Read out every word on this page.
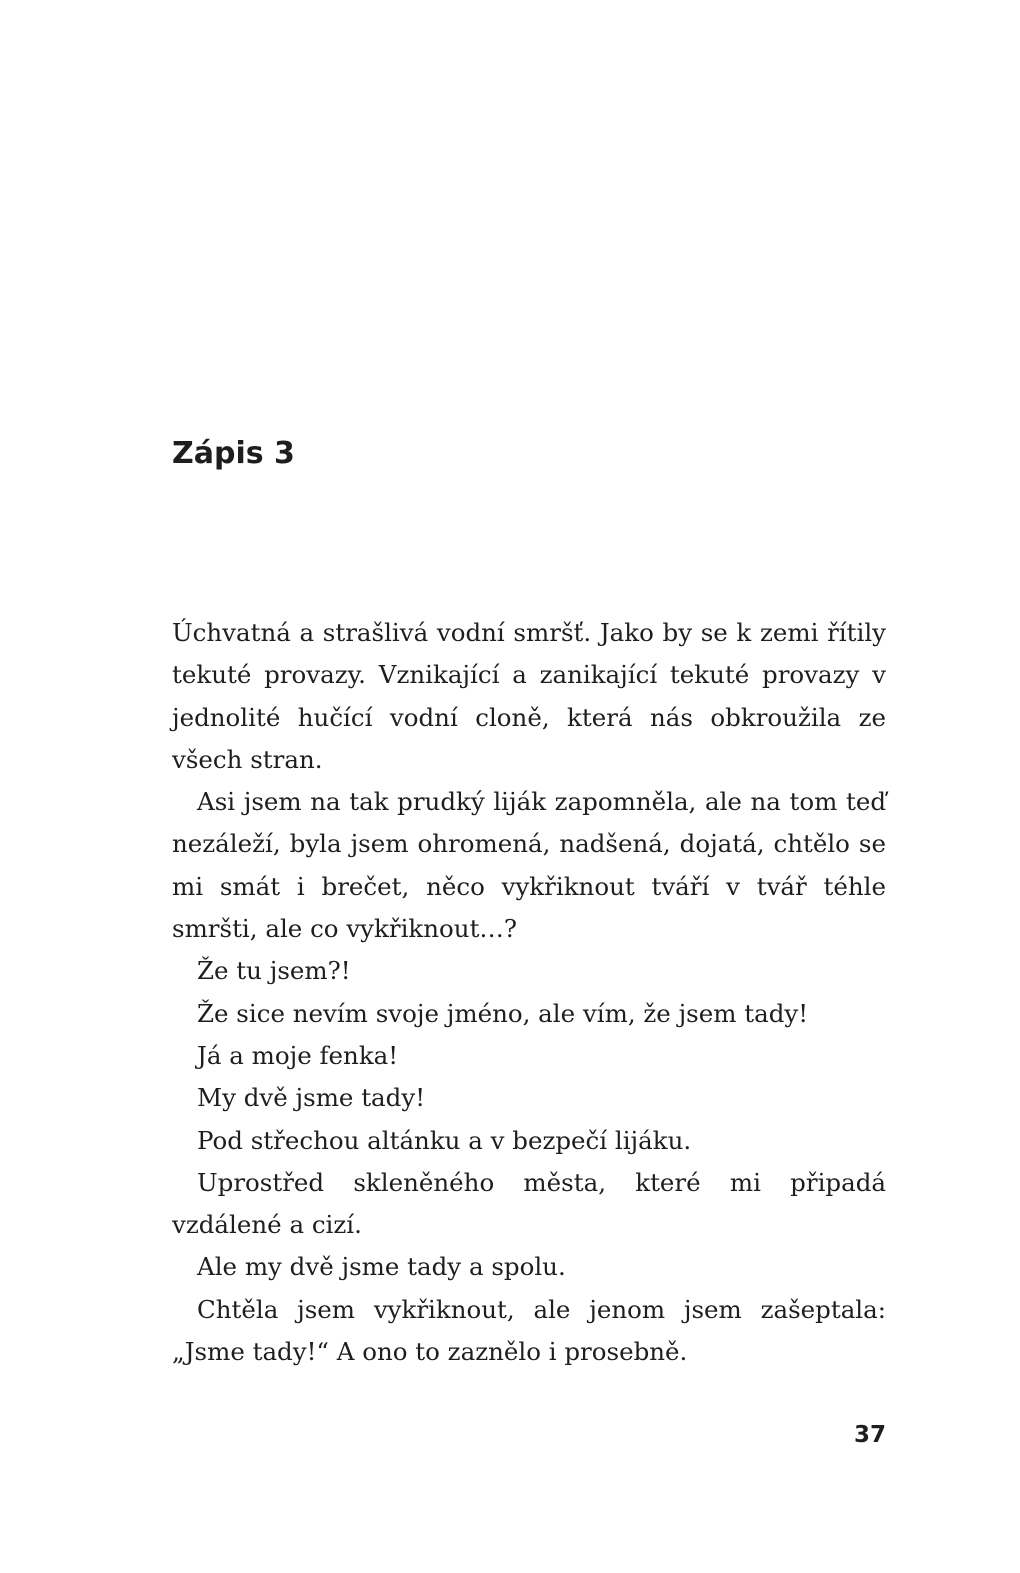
Zápis 3

Úchvatná a strašlivá vodní smršť. Jako by se k zemi řítily tekuté provazy. Vznikající a zanikající tekuté provazy v jednolité hučící vodní cloně, která nás obkroužila ze všech stran.

Asi jsem na tak prudký liják zapomněla, ale na tom teď nezáleží, byla jsem ohromená, nadšená, dojatá, chtělo se mi smát i brečet, něco vykřiknout tváří v tvář téhle smršti, ale co vykřiknout…?

Že tu jsem?!

Že sice nevím svoje jméno, ale vím, že jsem tady!

Já a moje fenka!

My dvě jsme tady!

Pod střechou altánku a v bezpečí lijáku.

Uprostřed skleněného města, které mi připadá vzdálené a cizí.

Ale my dvě jsme tady a spolu.

Chtěla jsem vykřiknout, ale jenom jsem zašeptala: „Jsme tady!“ A ono to zaznělo i prosebně.

37
